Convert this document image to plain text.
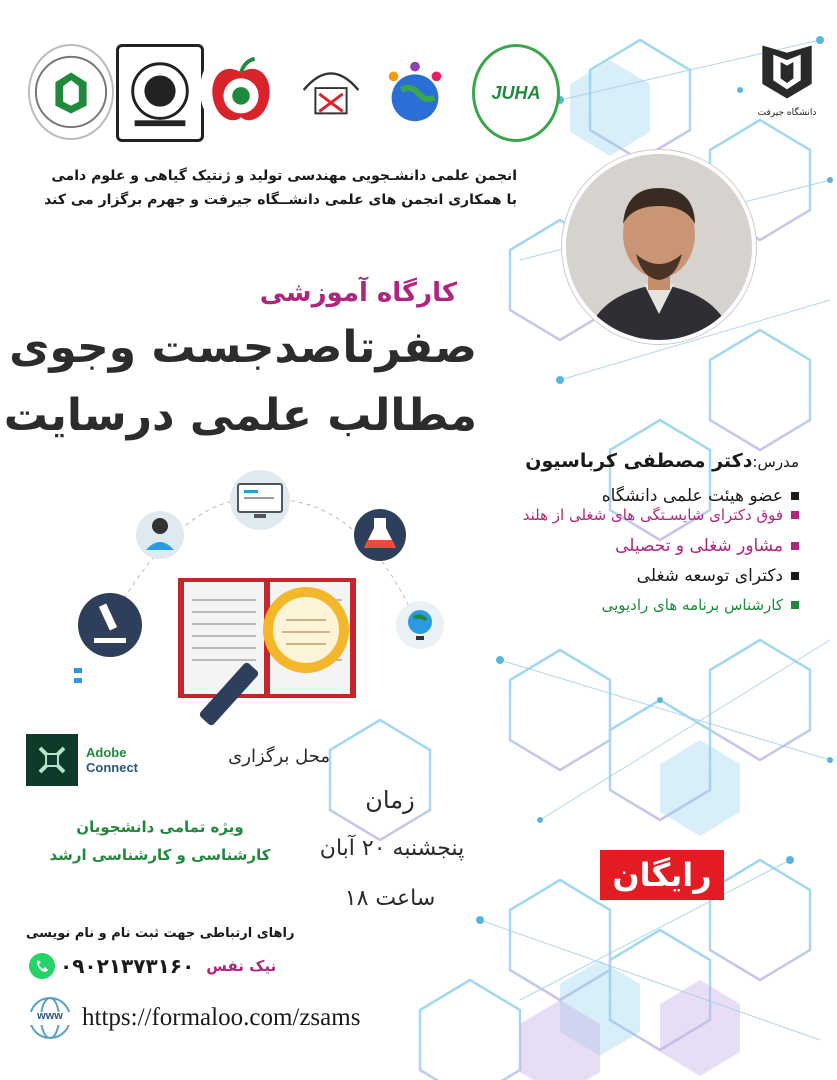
JUHA
دانشگاه جیرفت
انجمن علمی دانشـجویی مهندسی تولید و ژنتیک گیاهی و علوم دامی
با همکاری انجمن های علمی دانشــگاه جیرفت و جهرم برگزار می کند
کارگاه آموزشی
صفرتاصدجست وجوی
مطالب علمی درسایت
مدرس:دکتر مصطفی کرباسیون
عضو هیئت علمی دانشگاه
فوق دکترای شایسـتگی های شغلی از هلند
مشاور شغلی و تحصیلی
دکترای توسعه شغلی
کارشناس برنامه های رادیویی
Adobe
Connect
محل برگزاری
ویژه تمامی دانشجویان
کارشناسی و کارشناسی ارشد
زمان
پنجشنبه ۲۰ آبان
ساعت ۱۸
رایگان
راهای ارتباطی جهت ثبت نام و نام نویسی
۰۹۰۲۱۳۷۳۱۶۰ نیک نفس
www https://formaloo.com/zsams
